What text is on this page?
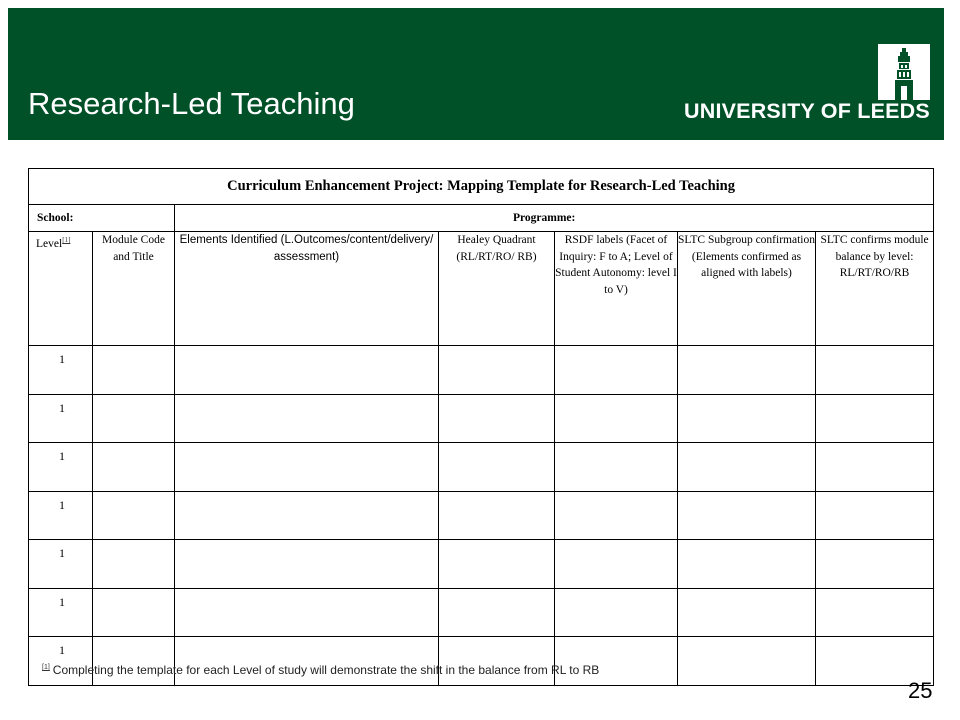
Research-Led Teaching	UNIVERSITY OF LEEDS
Curriculum Enhancement Project: Mapping Template for Research-Led Teaching						
School:		Programme:				
Level[1]	Module Code and Title	Elements Identified (L.Outcomes/content/delivery/ assessment)	Healey Quadrant (RL/RT/RO/ RB)	RSDF labels (Facet of Inquiry: F to A; Level of Student Autonomy: level I to V)	SLTC Subgroup confirmation (Elements confirmed as aligned with labels)	SLTC confirms module balance by level: RL/RT/RO/RB
1						
1						
1						
1						
1						
1						
1						
[1] Completing the template for each Level of study will demonstrate the shift in the balance from RL to RB
25
